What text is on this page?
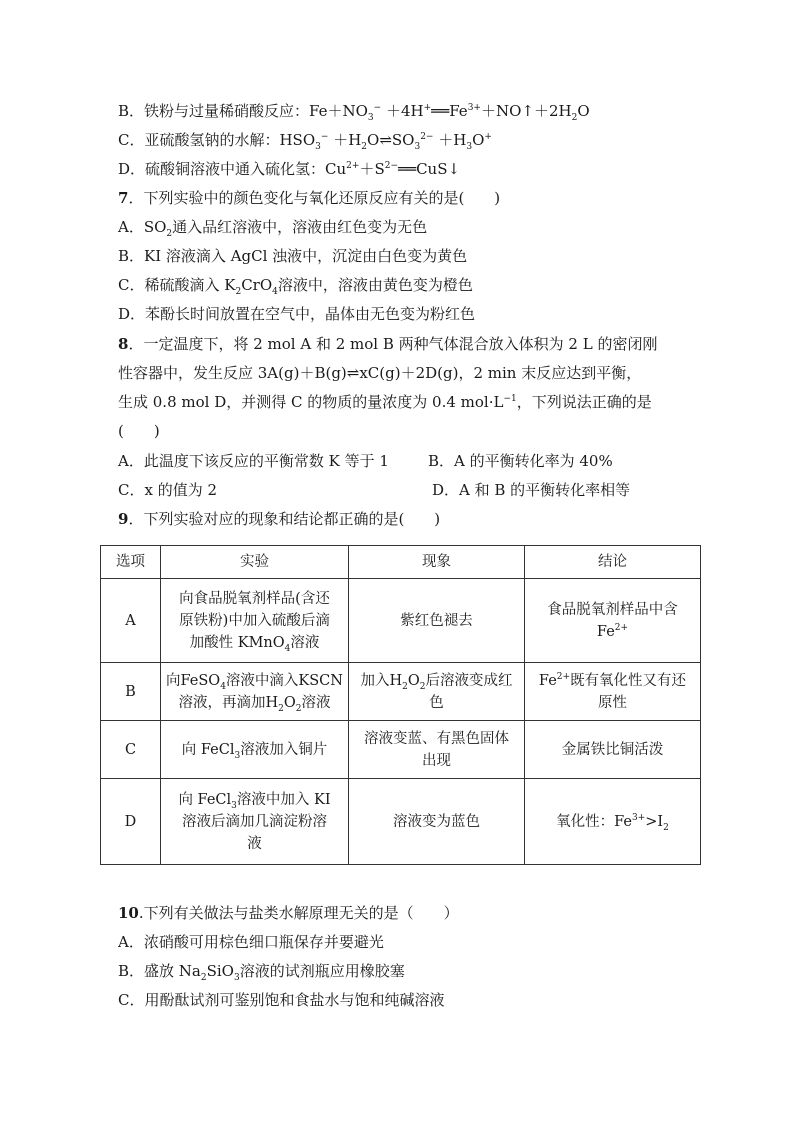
B．铁粉与过量稀硝酸反应：$Fe+NO_3^-$ $+4H^+══Fe^{3+}+NO↑+2H_2O$
C．亚硫酸氢钠的水解：$HSO_3^-$ $+H_2O\rightleftharpoons SO_3^{2-} +H_3O^+$
D．硫酸铜溶液中通入硫化氢：$Cu^{2+}+S^{2-}══CuS↓$
7．下列实验中的颜色变化与氧化还原反应有关的是(　　)
A．$SO_2$通入品红溶液中，溶液由红色变为无色
B．KI 溶液滴入 AgCl 浊液中，沉淀由白色变为黄色
C．稀硫酸滴入 $K_2CrO_4$溶液中，溶液由黄色变为橙色
D．苯酚长时间放置在空气中，晶体由无色变为粉红色
8．一定温度下，将 2 mol A 和 2 mol B 两种气体混合放入体积为 2 L 的密闭刚
性容器中，发生反应 3A(g)＋B(g)⇌xC(g)＋2D(g)，2 min 末反应达到平衡，
生成 0.8 mol D，并测得 C 的物质的量浓度为 0.4 $mol\cdot L^{-1}$，下列说法正确的是
(　　)
A．此温度下该反应的平衡常数 K 等于 1	B．A 的平衡转化率为 40%
C．x 的值为 2	D．A 和 B 的平衡转化率相等
9．下列实验对应的现象和结论都正确的是(　　)
选项	实验	现象	结论
A	向食品脱氧剂样品(含还
原铁粉)中加入硫酸后滴
加酸性 KMnO$_4$溶液	紫红色褪去	食品脱氧剂样品中含
$Fe^{2+}$
B	向FeSO$_4$溶液中滴入KSCN
溶液，再滴加$H_2O_2$溶液	加入$H_2O_2$后溶液变成红
色	$Fe^{2+}$既有氧化性又有还
原性
C	向 FeCl$_3$溶液加入铜片	溶液变蓝、有黑色固体
出现	金属铁比铜活泼
D	向 FeCl$_3$溶液中加入 KI
溶液后滴加几滴淀粉溶
液	溶液变为蓝色	氧化性：$Fe^{3+}>I_2$
10.下列有关做法与盐类水解原理无关的是（　　）
A．浓硝酸可用棕色细口瓶保存并要避光
B．盛放 $Na_2SiO_3$溶液的试剂瓶应用橡胶塞
C．用酚酞试剂可鉴别饱和食盐水与饱和纯碱溶液
